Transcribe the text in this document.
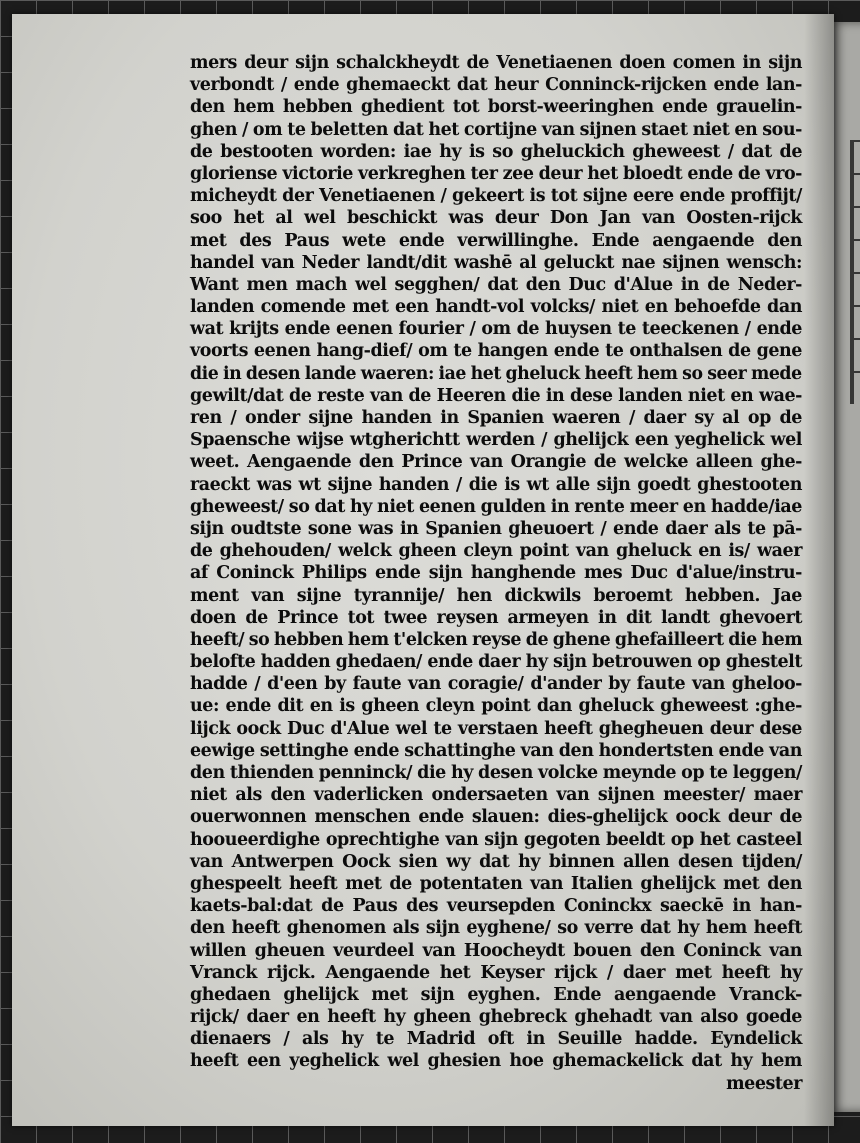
mers deur sijn schalckheydt de Venetiaenen doen comen in sijn
verbondt / ende ghemaeckt dat heur Conninck-rijcken ende lan-
den hem hebben ghedient tot borst-weeringhen ende grauelin-
ghen / om te beletten dat het cortijne van sijnen staet niet en sou-
de bestooten worden: iae hy is so gheluckich gheweest / dat de
gloriense victorie verkreghen ter zee deur het bloedt ende de vro-
micheydt der Venetiaenen / gekeert is tot sijne eere ende proffijt/
soo het al wel beschickt was deur Don Jan van Oosten-rijck
met des Paus wete ende verwillinghe. Ende aengaende den
handel van Neder landt/dit washē al geluckt nae sijnen wensch:
Want men mach wel segghen/ dat den Duc d'Alue in de Neder-
landen comende met een handt-vol volcks/ niet en behoefde dan
wat krijts ende eenen fourier / om de huysen te teeckenen / ende
voorts eenen hang-dief/ om te hangen ende te onthalsen de gene
die in desen lande waeren: iae het gheluck heeft hem so seer mede
gewilt/dat de reste van de Heeren die in dese landen niet en wae-
ren / onder sijne handen in Spanien waeren / daer sy al op de
Spaensche wijse wtgherichtt werden / ghelijck een yeghelick wel
weet. Aengaende den Prince van Orangie de welcke alleen ghe-
raeckt was wt sijne handen / die is wt alle sijn goedt ghestooten
gheweest/ so dat hy niet eenen gulden in rente meer en hadde/iae
sijn oudtste sone was in Spanien gheuoert / ende daer als te pā-
de ghehouden/ welck gheen cleyn point van gheluck en is/ waer
af Coninck Philips ende sijn hanghende mes Duc d'alue/instru-
ment van sijne tyrannije/ hen dickwils beroemt hebben. Jae
doen de Prince tot twee reysen armeyen in dit landt ghevoert
heeft/ so hebben hem t'elcken reyse de ghene ghefailleert die hem
belofte hadden ghedaen/ ende daer hy sijn betrouwen op ghestelt
hadde / d'een by faute van coragie/ d'ander by faute van gheloo-
ue: ende dit en is gheen cleyn point dan gheluck gheweest :ghe-
lijck oock Duc d'Alue wel te verstaen heeft ghegheuen deur dese
eewige settinghe ende schattinghe van den hondertsten ende van
den thienden penninck/ die hy desen volcke meynde op te leggen/
niet als den vaderlicken ondersaeten van sijnen meester/ maer
ouerwonnen menschen ende slauen: dies-ghelijck oock deur de
hooueerdighe oprechtighe van sijn gegoten beeldt op het casteel
van Antwerpen Oock sien wy dat hy binnen allen desen tijden/
ghespeelt heeft met de potentaten van Italien ghelijck met den
kaets-bal:dat de Paus des veursepden Coninckx saeckē in han-
den heeft ghenomen als sijn eyghene/ so verre dat hy hem heeft
willen gheuen veurdeel van Hoocheydt bouen den Coninck van
Vranck rijck. Aengaende het Keyser rijck / daer met heeft hy
ghedaen ghelijck met sijn eyghen. Ende aengaende Vranck-
rijck/ daer en heeft hy gheen ghebreck ghehadt van also goede
dienaers / als hy te Madrid oft in Seuille hadde. Eyndelick
heeft een yeghelick wel ghesien hoe ghemackelick dat hy hem
meester
